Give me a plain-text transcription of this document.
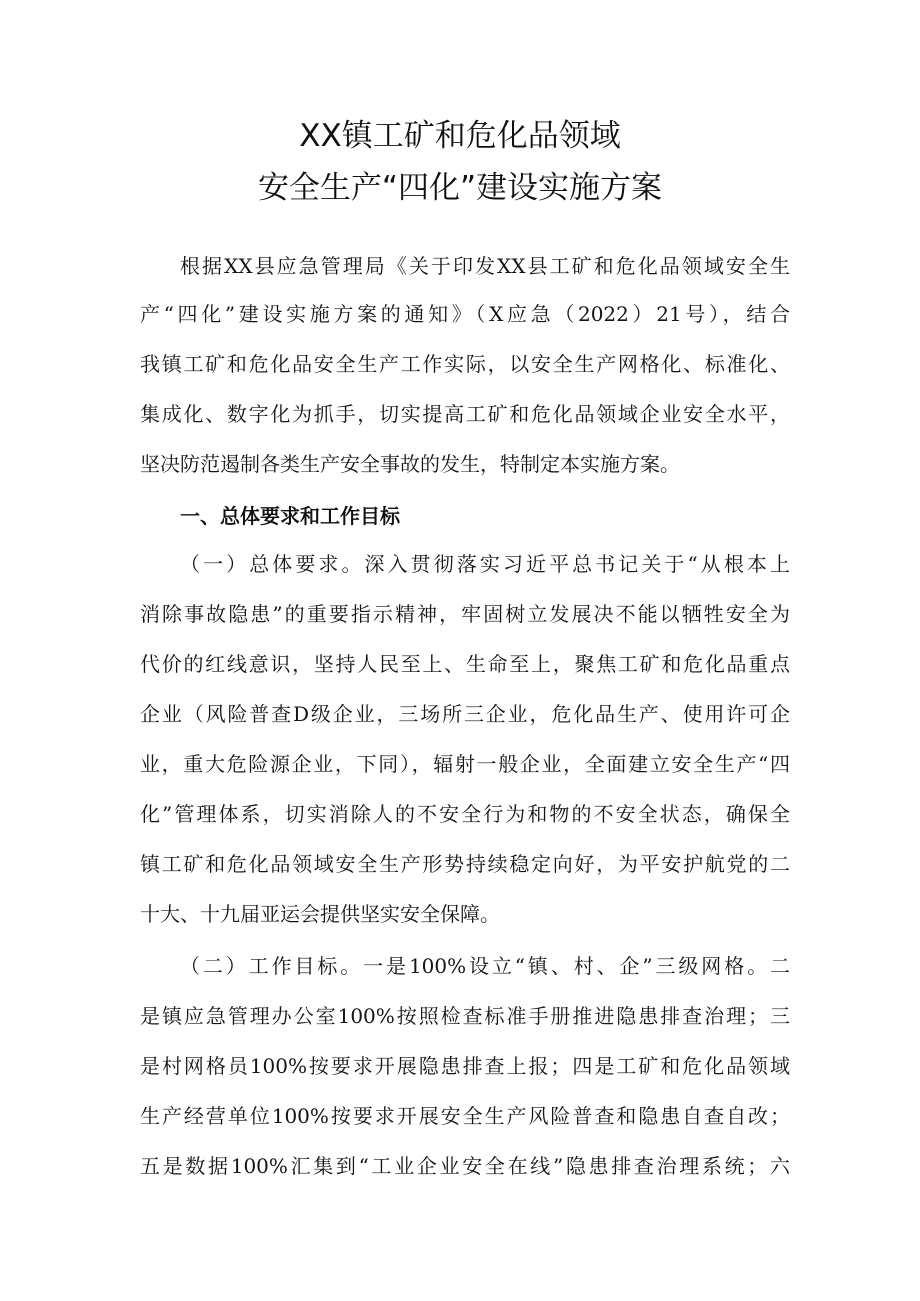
XX镇工矿和危化品领域
安全生产“四化”建设实施方案
根据XX县应急管理局《关于印发XX县工矿和危化品领域安全生
产“四化”建设实施方案的通知》（X应急（2022）21号），结合
我镇工矿和危化品安全生产工作实际，以安全生产网格化、标准化、
集成化、数字化为抓手，切实提高工矿和危化品领域企业安全水平，
坚决防范遏制各类生产安全事故的发生，特制定本实施方案。
一、总体要求和工作目标
（一）总体要求。深入贯彻落实习近平总书记关于“从根本上
消除事故隐患”的重要指示精神，牢固树立发展决不能以牺牲安全为
代价的红线意识，坚持人民至上、生命至上，聚焦工矿和危化品重点
企业（风险普查D级企业，三场所三企业，危化品生产、使用许可企
业，重大危险源企业，下同），辐射一般企业，全面建立安全生产“四
化”管理体系，切实消除人的不安全行为和物的不安全状态，确保全
镇工矿和危化品领域安全生产形势持续稳定向好，为平安护航党的二
十大、十九届亚运会提供坚实安全保障。
（二）工作目标。一是100%设立“镇、村、企”三级网格。二
是镇应急管理办公室100%按照检查标准手册推进隐患排查治理；三
是村网格员100%按要求开展隐患排查上报；四是工矿和危化品领域
生产经营单位100%按要求开展安全生产风险普查和隐患自查自改；
五是数据100%汇集到“工业企业安全在线”隐患排查治理系统；六
